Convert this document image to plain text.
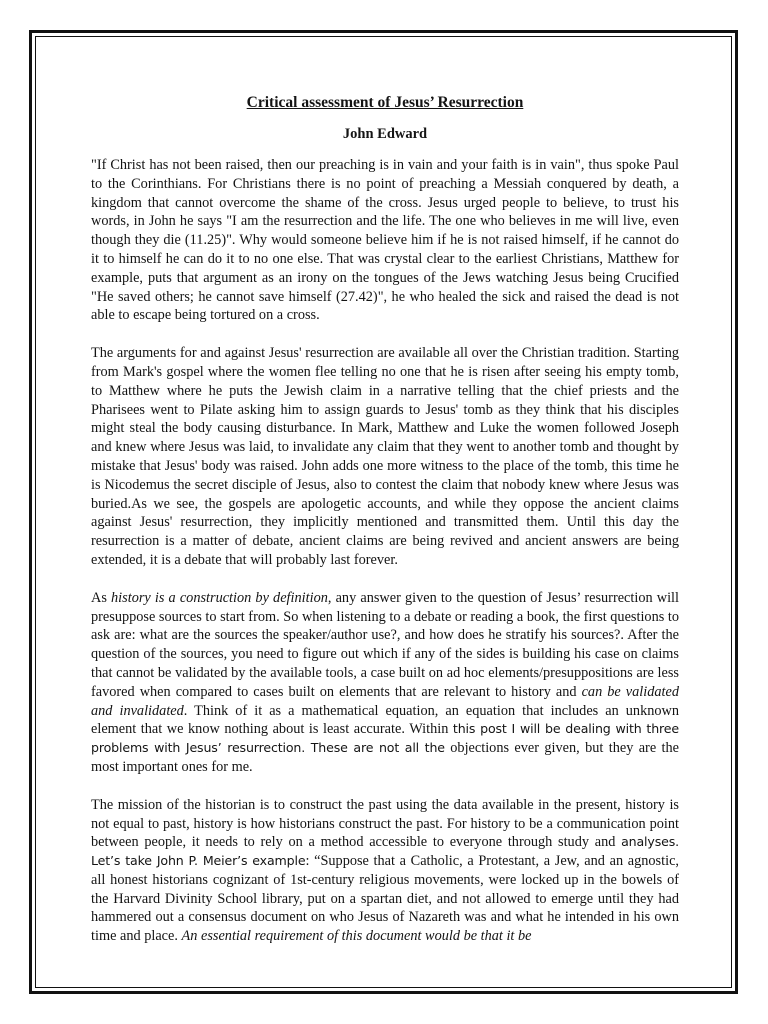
Critical assessment of Jesus’ Resurrection

John Edward

"If Christ has not been raised, then our preaching is in vain and your faith is in vain", thus spoke Paul to the Corinthians. For Christians there is no point of preaching a Messiah conquered by death, a kingdom that cannot overcome the shame of the cross. Jesus urged people to believe, to trust his words, in John he says "I am the resurrection and the life. The one who believes in me will live, even though they die (11.25)". Why would someone believe him if he is not raised himself, if he cannot do it to himself he can do it to no one else. That was crystal clear to the earliest Christians, Matthew for example, puts that argument as an irony on the tongues of the Jews watching Jesus being Crucified "He saved others; he cannot save himself (27.42)", he who healed the sick and raised the dead is not able to escape being tortured on a cross.

The arguments for and against Jesus' resurrection are available all over the Christian tradition. Starting from Mark's gospel where the women flee telling no one that he is risen after seeing his empty tomb, to Matthew where he puts the Jewish claim in a narrative telling that the chief priests and the Pharisees went to Pilate asking him to assign guards to Jesus' tomb as they think that his disciples might steal the body causing disturbance. In Mark, Matthew and Luke the women followed Joseph and knew where Jesus was laid, to invalidate any claim that they went to another tomb and thought by mistake that Jesus' body was raised. John adds one more witness to the place of the tomb, this time he is Nicodemus the secret disciple of Jesus, also to contest the claim that nobody knew where Jesus was buried.As we see, the gospels are apologetic accounts, and while they oppose the ancient claims against Jesus' resurrection, they implicitly mentioned and transmitted them. Until this day the resurrection is a matter of debate, ancient claims are being revived and ancient answers are being extended, it is a debate that will probably last forever.

As history is a construction by definition, any answer given to the question of Jesus’ resurrection will presuppose sources to start from. So when listening to a debate or reading a book, the first questions to ask are: what are the sources the speaker/author use?, and how does he stratify his sources?. After the question of the sources, you need to figure out which if any of the sides is building his case on claims that cannot be validated by the available tools, a case built on ad hoc elements/presuppositions are less favored when compared to cases built on elements that are relevant to history and can be validated and invalidated. Think of it as a mathematical equation, an equation that includes an unknown element that we know nothing about is least accurate. Within this post I will be dealing with three problems with Jesus’ resurrection. These are not all the objections ever given, but they are the most important ones for me.

The mission of the historian is to construct the past using the data available in the present, history is not equal to past, history is how historians construct the past. For history to be a communication point between people, it needs to rely on a method accessible to everyone through study and analyses. Let’s take John P. Meier’s example: “Suppose that a Catholic, a Protestant, a Jew, and an agnostic, all honest historians cognizant of 1st-century religious movements, were locked up in the bowels of the Harvard Divinity School library, put on a spartan diet, and not allowed to emerge until they had hammered out a consensus document on who Jesus of Nazareth was and what he intended in his own time and place. An essential requirement of this document would be that it be
